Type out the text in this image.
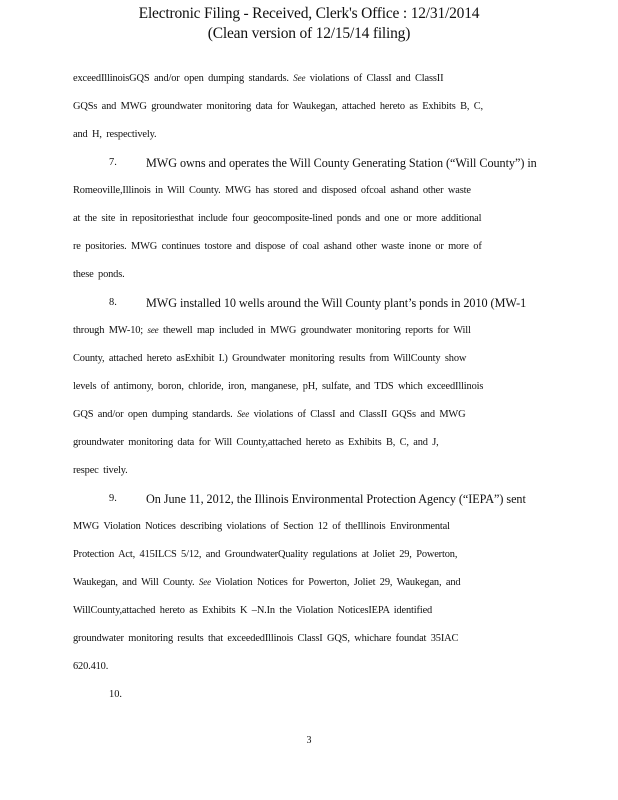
Electronic Filing - Received, Clerk's Office : 12/31/2014
(Clean version of 12/15/14 filing)
exceedIllinoisGQS and/or open dumping standards. See violations of ClassI and ClassII
GQSs and MWG groundwater monitoring data for Waukegan, attached hereto as Exhibits B, C,
and H, respectively.
7. MWG owns and operates the Will County Generating Station (“Will County”) in
Romeoville,Illinois in Will County. MWG has stored and disposed ofcoal ashand other waste
at the site in repositoriesthat include four geocomposite-lined ponds and one or more additional
re positories. MWG continues tostore and dispose of coal ashand other waste inone or more of
these ponds.
8. MWG installed 10 wells around the Will County plant’s ponds in 2010 (MW-1
through MW-10; see thewell map included in MWG groundwater monitoring reports for Will
County, attached hereto asExhibit I.) Groundwater monitoring results from WillCounty show
levels of antimony, boron, chloride, iron, manganese, pH, sulfate, and TDS which exceedIllinois
GQS and/or open dumping standards. See violations of ClassI and ClassII GQSs and MWG
groundwater monitoring data for Will County,attached hereto as Exhibits B, C, and J,
respec tively.
9. On June 11, 2012, the Illinois Environmental Protection Agency (“IEPA”) sent
MWG Violation Notices describing violations of Section 12 of theIllinois Environmental
Protection Act, 415ILCS 5/12, and GroundwaterQuality regulations at Joliet 29, Powerton,
Waukegan, and Will County. See Violation Notices for Powerton, Joliet 29, Waukegan, and
WillCounty,attached hereto as Exhibits K –N.In the Violation NoticesIEPA identified
groundwater monitoring results that exceededIllinois ClassI GQS, whichare foundat 35IAC
620.410.
10.
3
